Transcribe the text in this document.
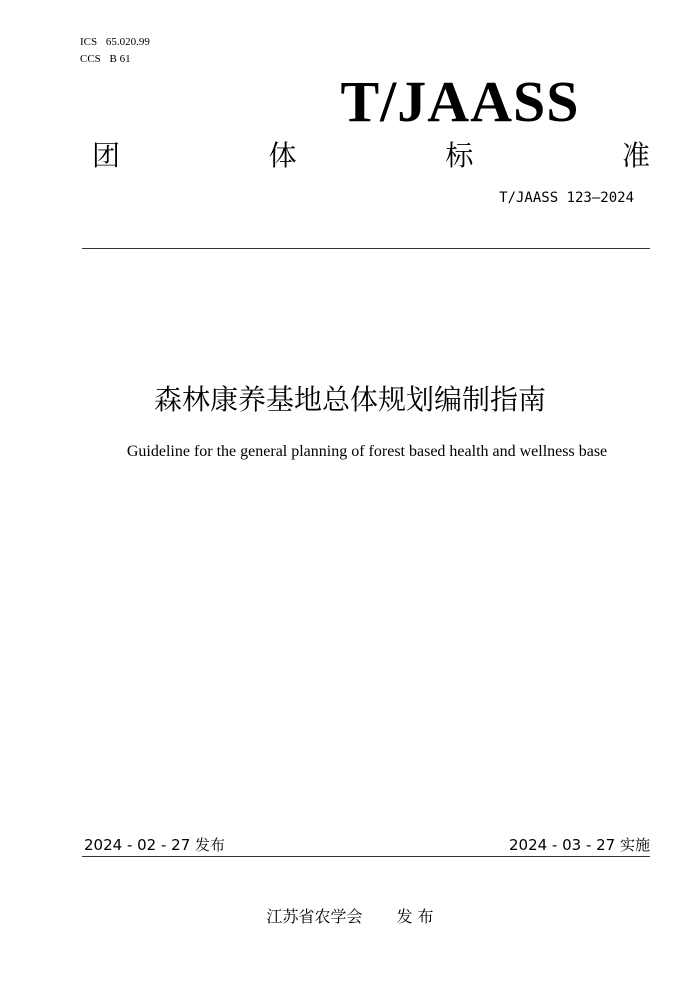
ICS 65.020.99
CCS B 61
T/JAASS
团	体	标	准
T/JAASS 123—2024
森林康养基地总体规划编制指南
Guideline for the general planning of forest based health and wellness base
2024 - 02 - 27 发布	2024 - 03 - 27 实施
江苏省农学会 发 布
